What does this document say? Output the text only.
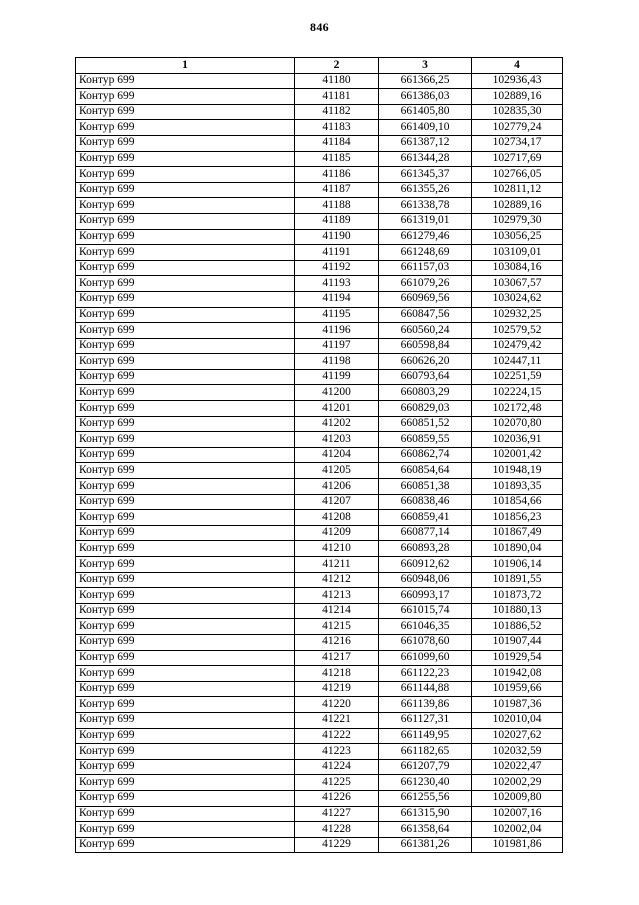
846
1	2	3	4
Контур 699	41180	661366,25	102936,43
Контур 699	41181	661386,03	102889,16
Контур 699	41182	661405,80	102835,30
Контур 699	41183	661409,10	102779,24
Контур 699	41184	661387,12	102734,17
Контур 699	41185	661344,28	102717,69
Контур 699	41186	661345,37	102766,05
Контур 699	41187	661355,26	102811,12
Контур 699	41188	661338,78	102889,16
Контур 699	41189	661319,01	102979,30
Контур 699	41190	661279,46	103056,25
Контур 699	41191	661248,69	103109,01
Контур 699	41192	661157,03	103084,16
Контур 699	41193	661079,26	103067,57
Контур 699	41194	660969,56	103024,62
Контур 699	41195	660847,56	102932,25
Контур 699	41196	660560,24	102579,52
Контур 699	41197	660598,84	102479,42
Контур 699	41198	660626,20	102447,11
Контур 699	41199	660793,64	102251,59
Контур 699	41200	660803,29	102224,15
Контур 699	41201	660829,03	102172,48
Контур 699	41202	660851,52	102070,80
Контур 699	41203	660859,55	102036,91
Контур 699	41204	660862,74	102001,42
Контур 699	41205	660854,64	101948,19
Контур 699	41206	660851,38	101893,35
Контур 699	41207	660838,46	101854,66
Контур 699	41208	660859,41	101856,23
Контур 699	41209	660877,14	101867,49
Контур 699	41210	660893,28	101890,04
Контур 699	41211	660912,62	101906,14
Контур 699	41212	660948,06	101891,55
Контур 699	41213	660993,17	101873,72
Контур 699	41214	661015,74	101880,13
Контур 699	41215	661046,35	101886,52
Контур 699	41216	661078,60	101907,44
Контур 699	41217	661099,60	101929,54
Контур 699	41218	661122,23	101942,08
Контур 699	41219	661144,88	101959,66
Контур 699	41220	661139,86	101987,36
Контур 699	41221	661127,31	102010,04
Контур 699	41222	661149,95	102027,62
Контур 699	41223	661182,65	102032,59
Контур 699	41224	661207,79	102022,47
Контур 699	41225	661230,40	102002,29
Контур 699	41226	661255,56	102009,80
Контур 699	41227	661315,90	102007,16
Контур 699	41228	661358,64	102002,04
Контур 699	41229	661381,26	101981,86
